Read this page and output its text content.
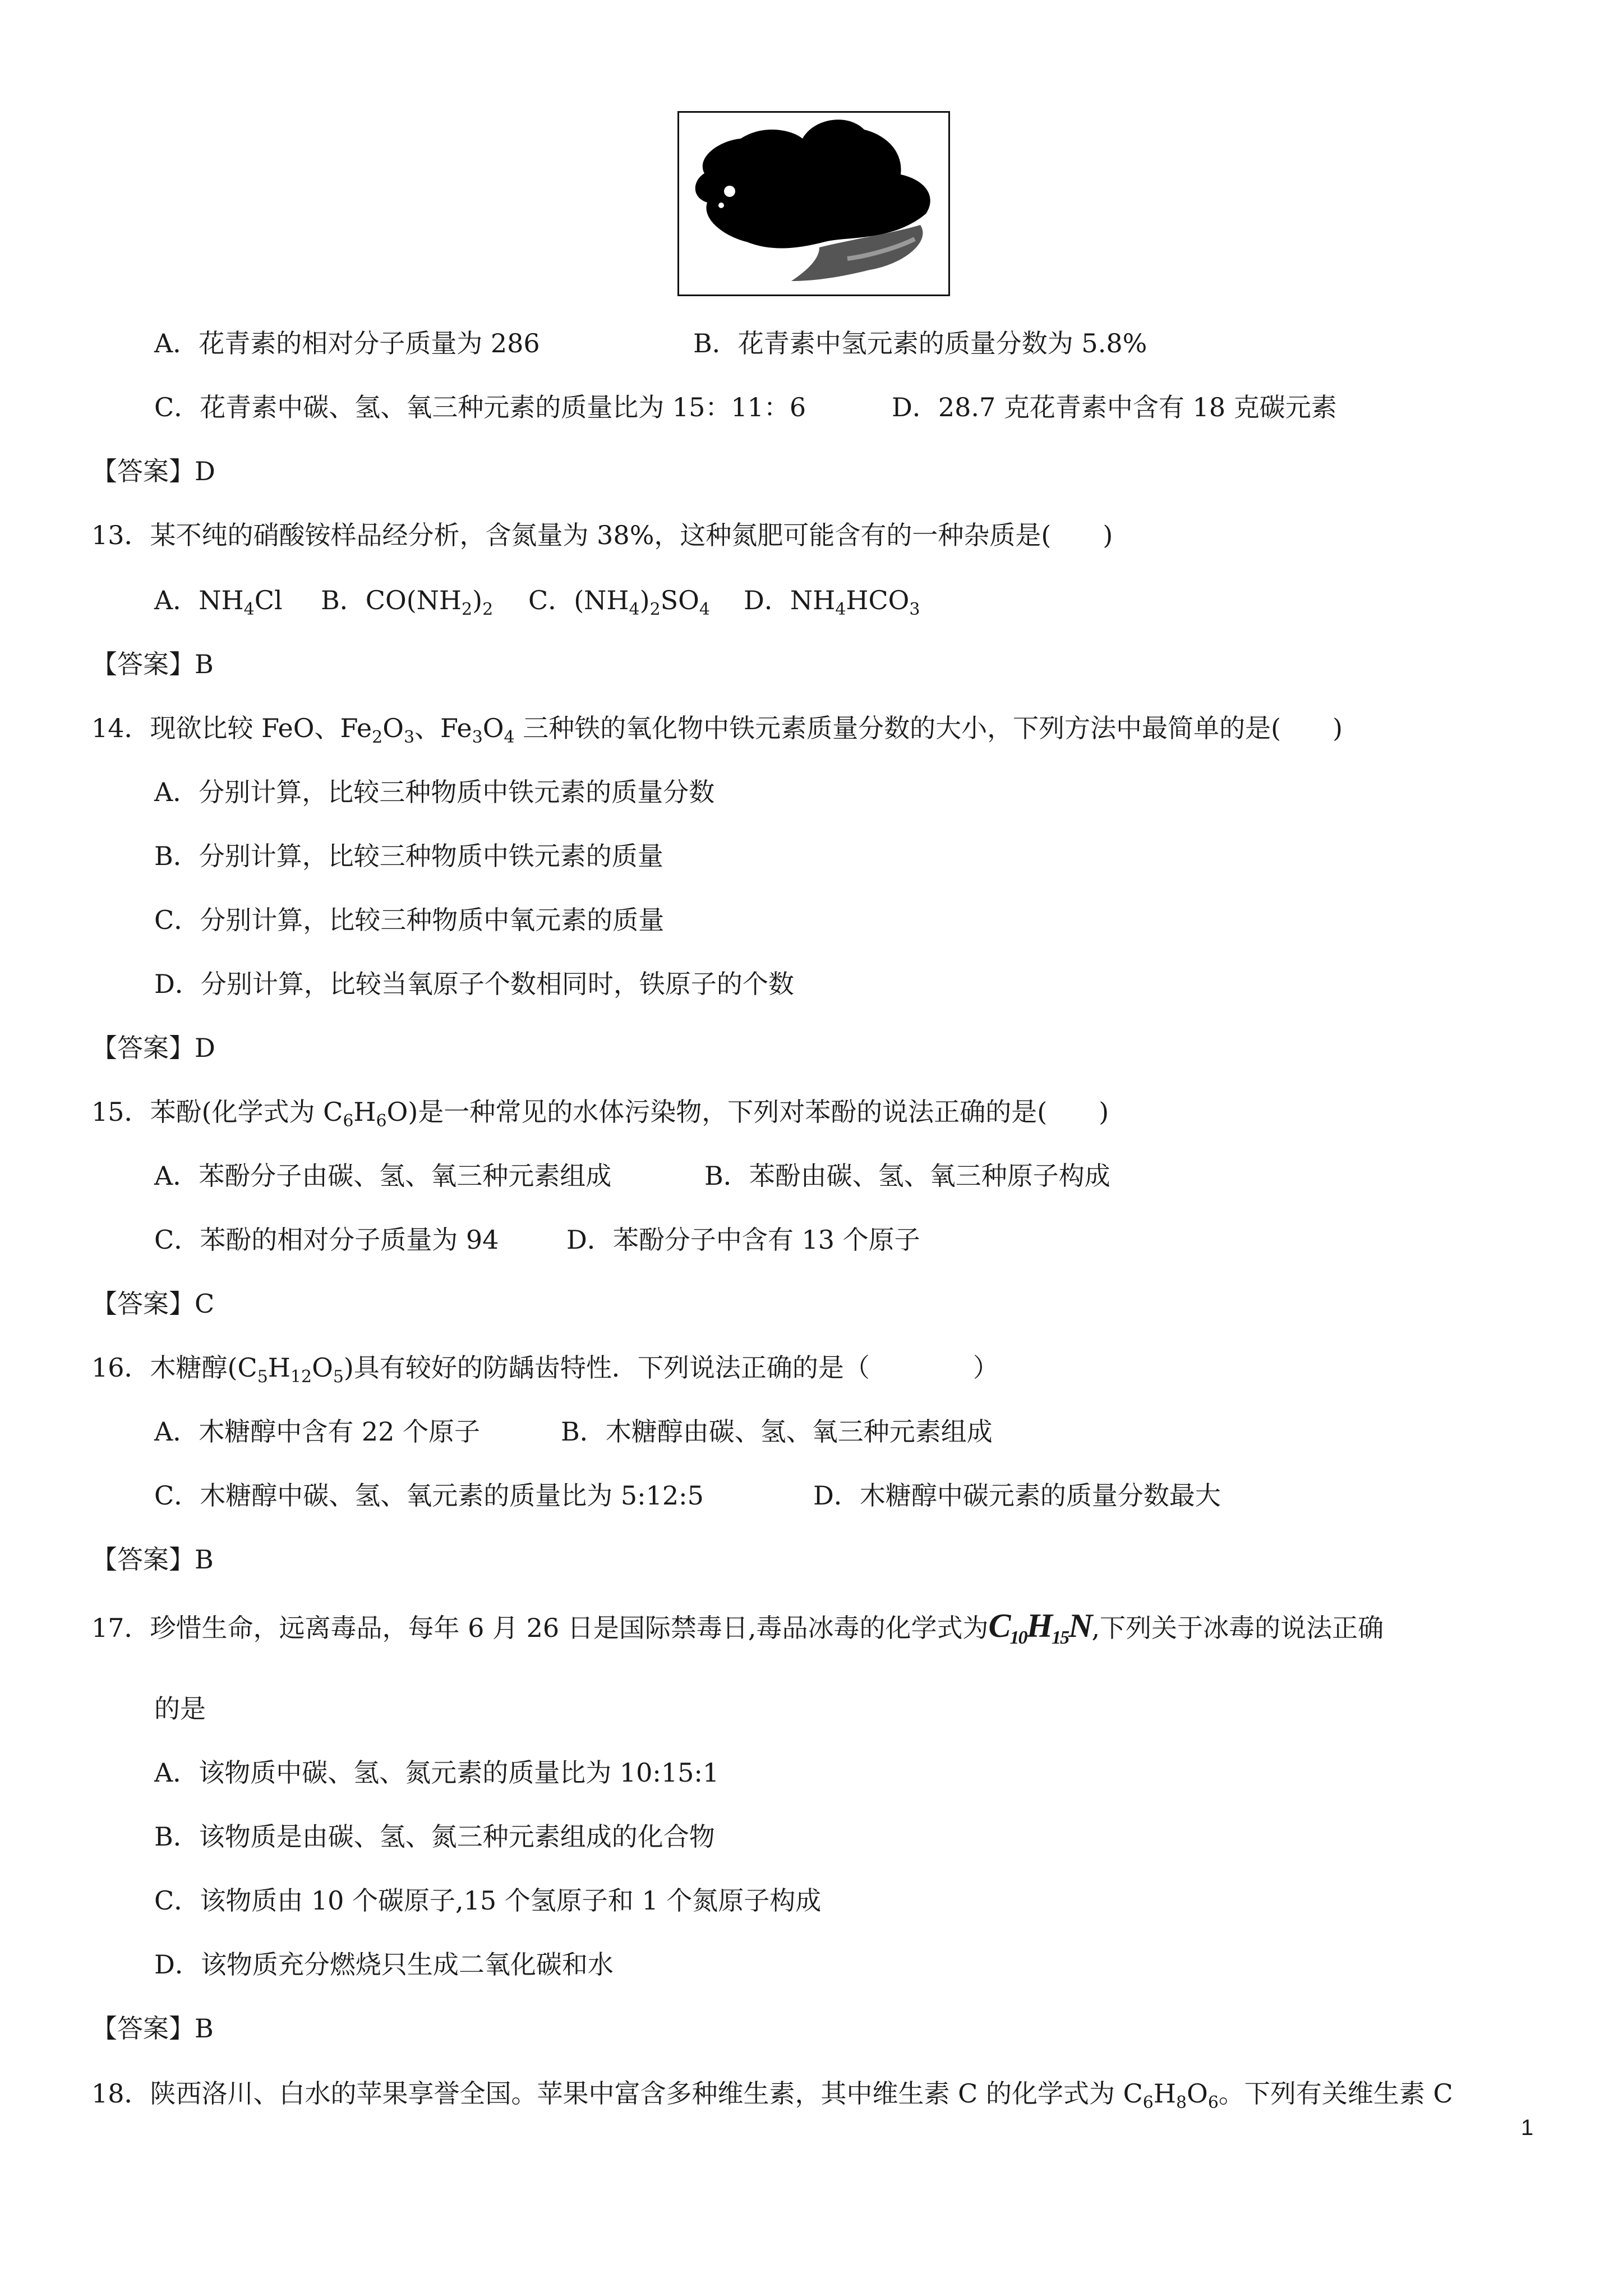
A．花青素的相对分子质量为 286	B．花青素中氢元素的质量分数为 5.8%
C．花青素中碳、氢、氧三种元素的质量比为 15：11：6	D．28.7 克花青素中含有 18 克碳元素
【答案】D
13．某不纯的硝酸铵样品经分析，含氮量为 38%，这种氮肥可能含有的一种杂质是(　　)
A．$NH_4Cl$ B．$CO(NH_2)_2$ C．$(NH_4)_2SO_4$ D．$NH_4HCO_3$
【答案】B
14．现欲比较 FeO、$Fe_2O_3$、$Fe_3O_4$ 三种铁的氧化物中铁元素质量分数的大小，下列方法中最简单的是(　　)
A．分别计算，比较三种物质中铁元素的质量分数
B．分别计算，比较三种物质中铁元素的质量
C．分别计算，比较三种物质中氧元素的质量
D．分别计算，比较当氧原子个数相同时，铁原子的个数
【答案】D
15．苯酚(化学式为 $C_6H_6O$)是一种常见的水体污染物，下列对苯酚的说法正确的是(　　)
A．苯酚分子由碳、氢、氧三种元素组成	B．苯酚由碳、氢、氧三种原子构成
C．苯酚的相对分子质量为 94	D．苯酚分子中含有 13 个原子
【答案】C
16．木糖醇$(C_5H_{12}O_5)$具有较好的防龋齿特性．下列说法正确的是（　　　　）
A．木糖醇中含有 22 个原子	B．木糖醇由碳、氢、氧三种元素组成
C．木糖醇中碳、氢、氧元素的质量比为 5:12:5	D．木糖醇中碳元素的质量分数最大
【答案】B
17．珍惜生命，远离毒品，每年 6 月 26 日是国际禁毒日,毒品冰毒的化学式为$C_{10}H_{15}N$,下列关于冰毒的说法正确
的是
A．该物质中碳、氢、氮元素的质量比为 10:15:1
B．该物质是由碳、氢、氮三种元素组成的化合物
C．该物质由 10 个碳原子,15 个氢原子和 1 个氮原子构成
D．该物质充分燃烧只生成二氧化碳和水
【答案】B
18．陕西洛川、白水的苹果享誉全国。苹果中富含多种维生素，其中维生素 C 的化学式为 $C_6H_8O_6$。下列有关维生素 C
1
